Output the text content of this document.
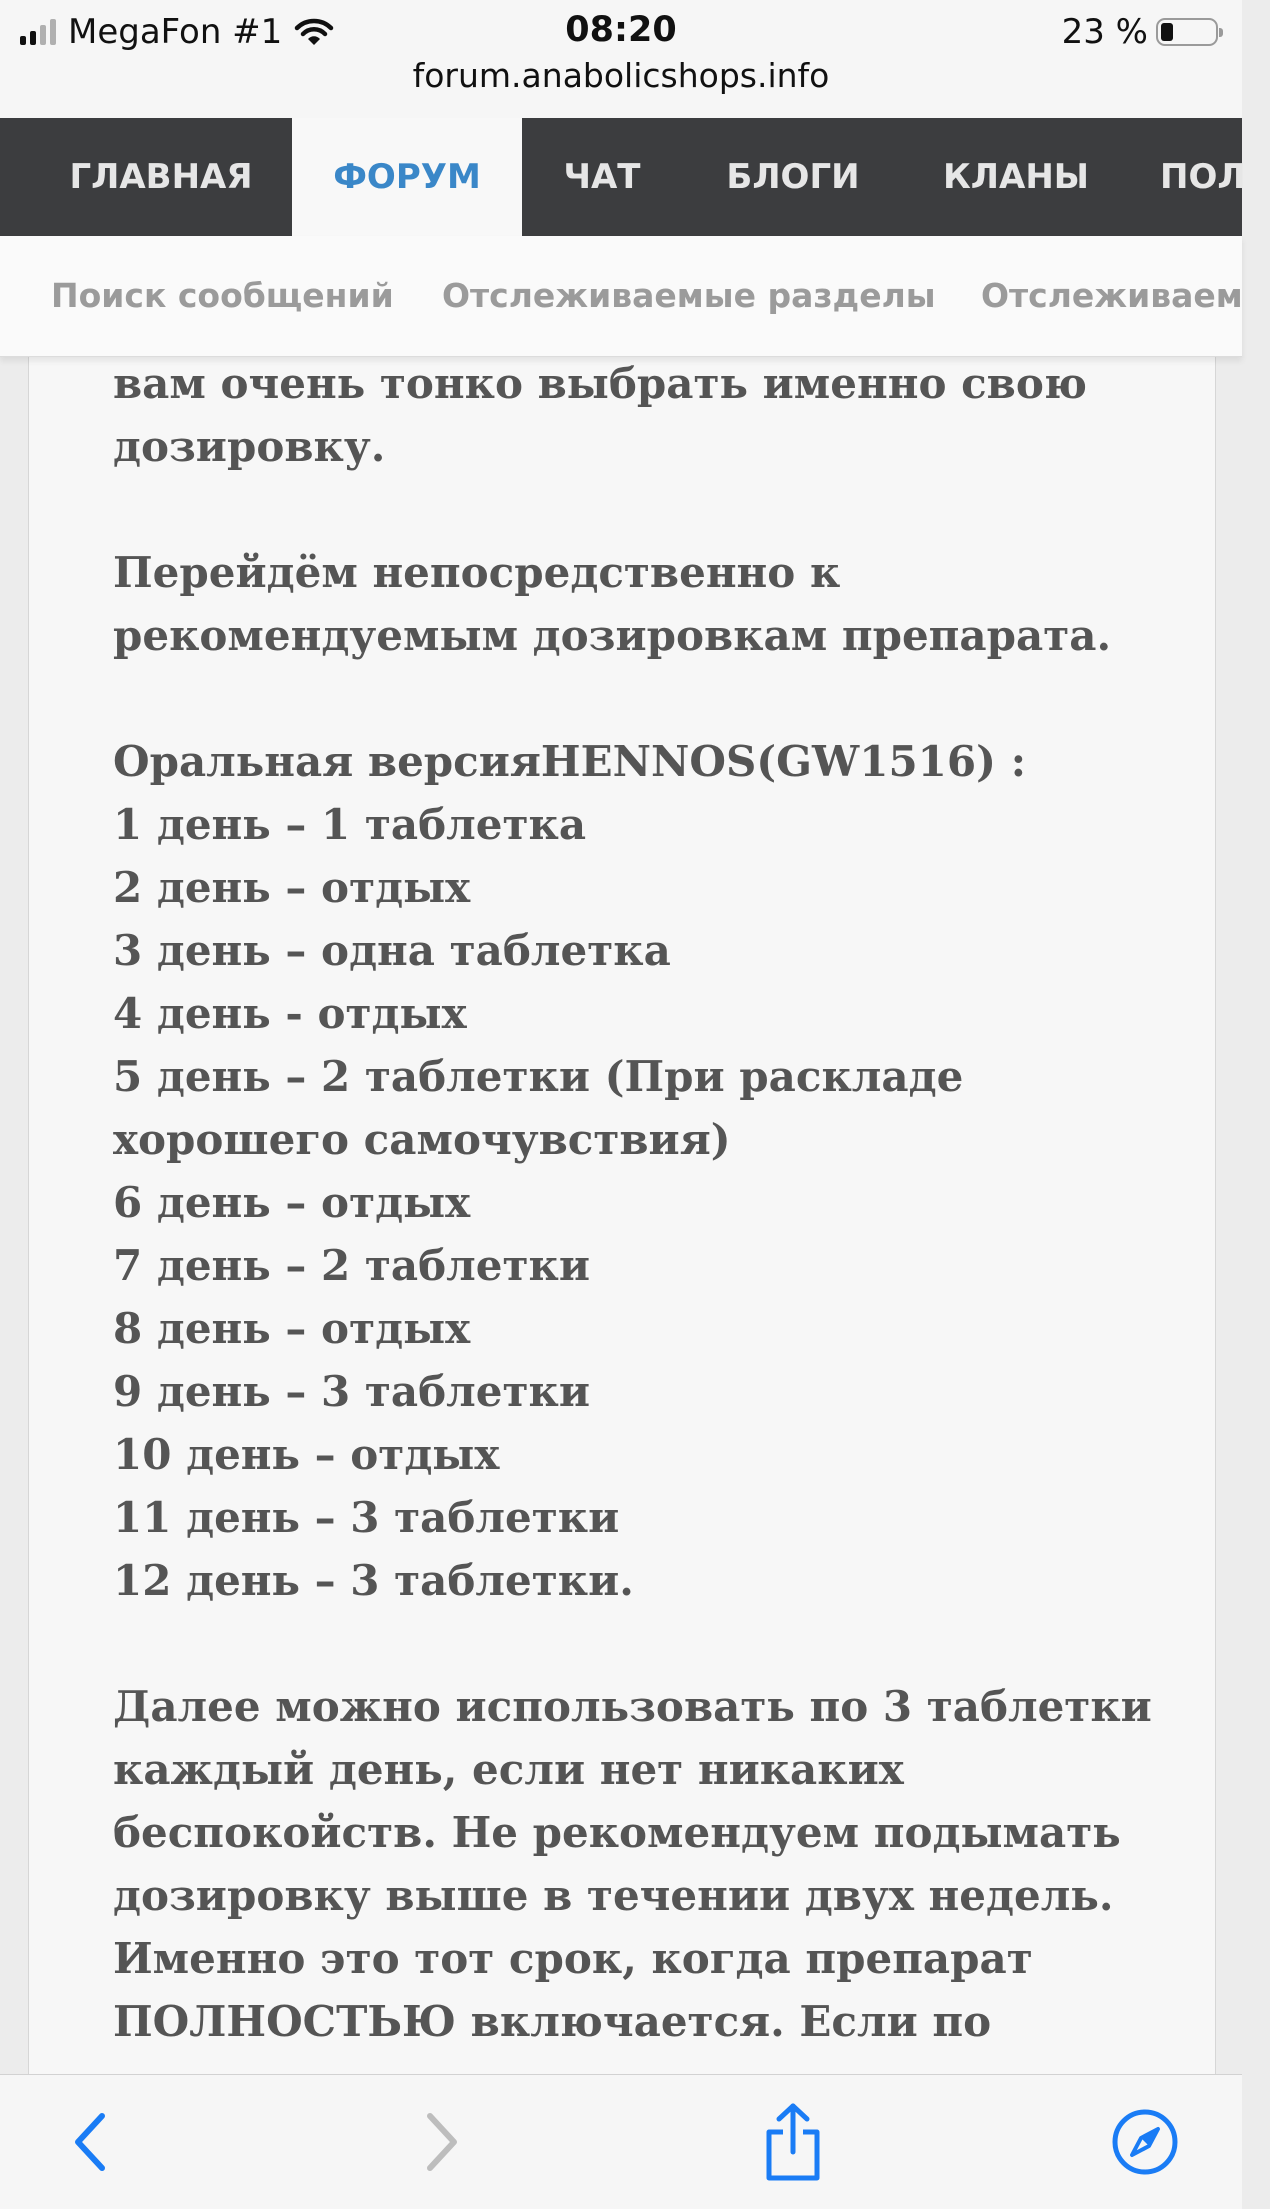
MegaFon #1	08:20	23 %
forum.anabolicshops.info
ГЛАВНАЯ	ФОРУМ	ЧАТ	БЛОГИ	КЛАНЫ	ПОЛ
Поиск сообщений Отслеживаемые разделы Отслеживаем
вам очень тонко выбрать именно свою
дозировку.
Перейдём непосредственно к
рекомендуемым дозировкам препарата.
Оральная версияHENNOS(GW1516) :
1 день – 1 таблетка
2 день – отдых
3 день – одна таблетка
4 день - отдых
5 день – 2 таблетки (При раскладе
хорошего самочувствия)
6 день – отдых
7 день – 2 таблетки
8 день – отдых
9 день – 3 таблетки
10 день – отдых
11 день – 3 таблетки
12 день – 3 таблетки.
Далее можно использовать по 3 таблетки
каждый день, если нет никаких
беспокойств. Не рекомендуем подымать
дозировку выше в течении двух недель.
Именно это тот срок, когда препарат
ПОЛНОСТЬЮ включается. Если по
